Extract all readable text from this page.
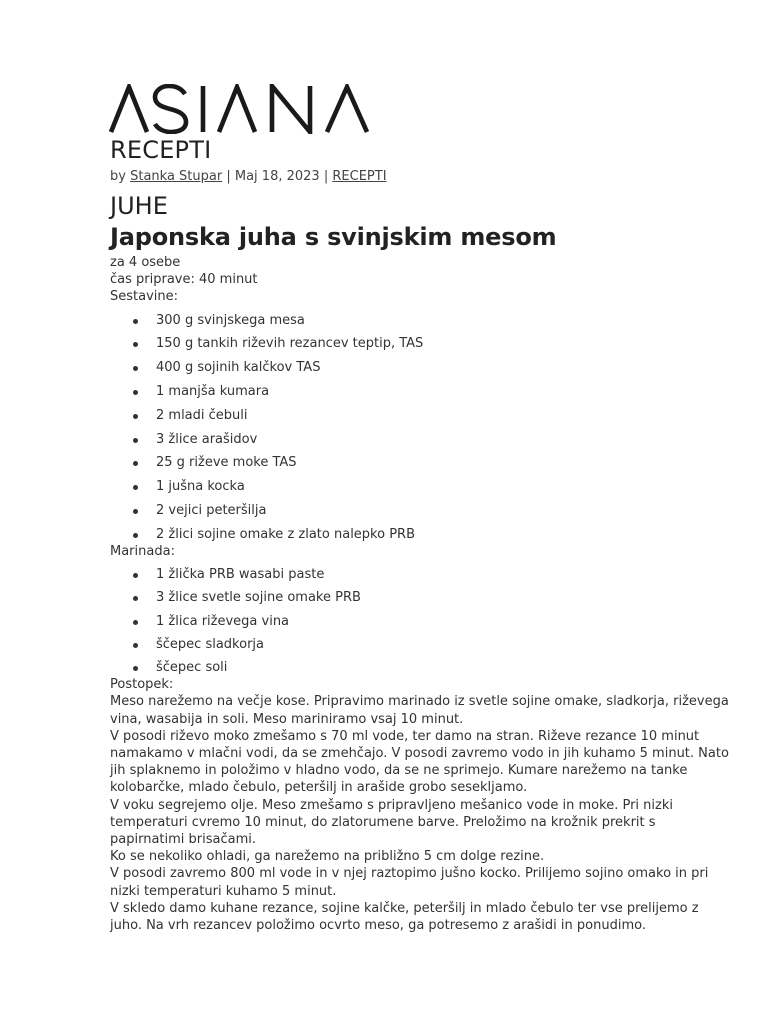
RECEPTI
by Stanka Stupar | Maj 18, 2023 | RECEPTI
JUHE
Japonska juha s svinjskim mesom

za 4 osebe

čas priprave: 40 minut

Sestavine:

300 g svinjskega mesa
150 g tankih riževih rezancev teptip, TAS
400 g sojinih kalčkov TAS
1 manjša kumara
2 mladi čebuli
3 žlice arašidov
25 g riževe moke TAS
1 jušna kocka
2 vejici peteršilja
2 žlici sojine omake z zlato nalepko PRB

Marinada:

1 žlička PRB wasabi paste
3 žlice svetle sojine omake PRB
1 žlica riževega vina
ščepec sladkorja
ščepec soli

Postopek:

Meso narežemo na večje kose. Pripravimo marinado iz svetle sojine omake, sladkorja, riževega vina, wasabija in soli. Meso mariniramo vsaj 10 minut.

V posodi riževo moko zmešamo s 70 ml vode, ter damo na stran. Riževe rezance 10 minut namakamo v mlačni vodi, da se zmehčajo. V posodi zavremo vodo in jih kuhamo 5 minut. Nato jih splaknemo in položimo v hladno vodo, da se ne sprimejo. Kumare narežemo na tanke kolobarčke, mlado čebulo, peteršilj in arašide grobo sesekljamo.

V voku segrejemo olje. Meso zmešamo s pripravljeno mešanico vode in moke. Pri nizki temperaturi cvremo 10 minut, do zlatorumene barve. Preložimo na krožnik prekrit s papirnatimi brisačami.

Ko se nekoliko ohladi, ga narežemo na približno 5 cm dolge rezine.

V posodi zavremo 800 ml vode in v njej raztopimo jušno kocko. Prilijemo sojino omako in pri nizki temperaturi kuhamo 5 minut.

V skledo damo kuhane rezance, sojine kalčke, peteršilj in mlado čebulo ter vse prelijemo z juho. Na vrh rezancev položimo ocvrto meso, ga potresemo z arašidi in ponudimo.
